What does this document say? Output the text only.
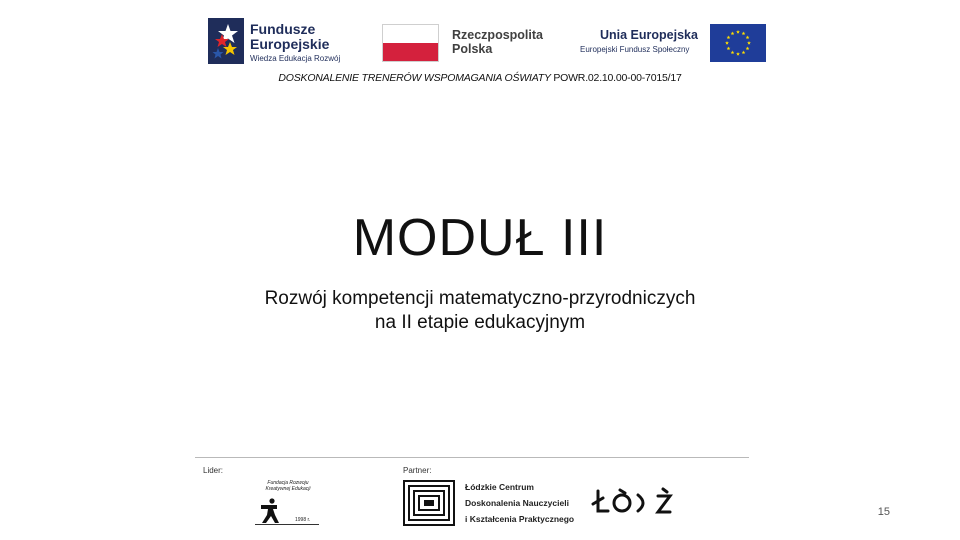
Fundusze
Europejskie
Wiedza Edukacja Rozwój
Rzeczpospolita
Polska
Unia Europejska
Europejski Fundusz Społeczny
DOSKONALENIE TRENERÓW WSPOMAGANIA OŚWIATY POWR.02.10.00-00-7015/17
MODUŁ III
Rozwój kompetencji matematyczno-przyrodniczych
na II etapie edukacyjnym
Lider:	Partner:
Fundacja Rozwoju Kreatywnej Edukacji
1998 r.
Łódzkie Centrum
Doskonalenia Nauczycieli
i Kształcenia Praktycznego
15
